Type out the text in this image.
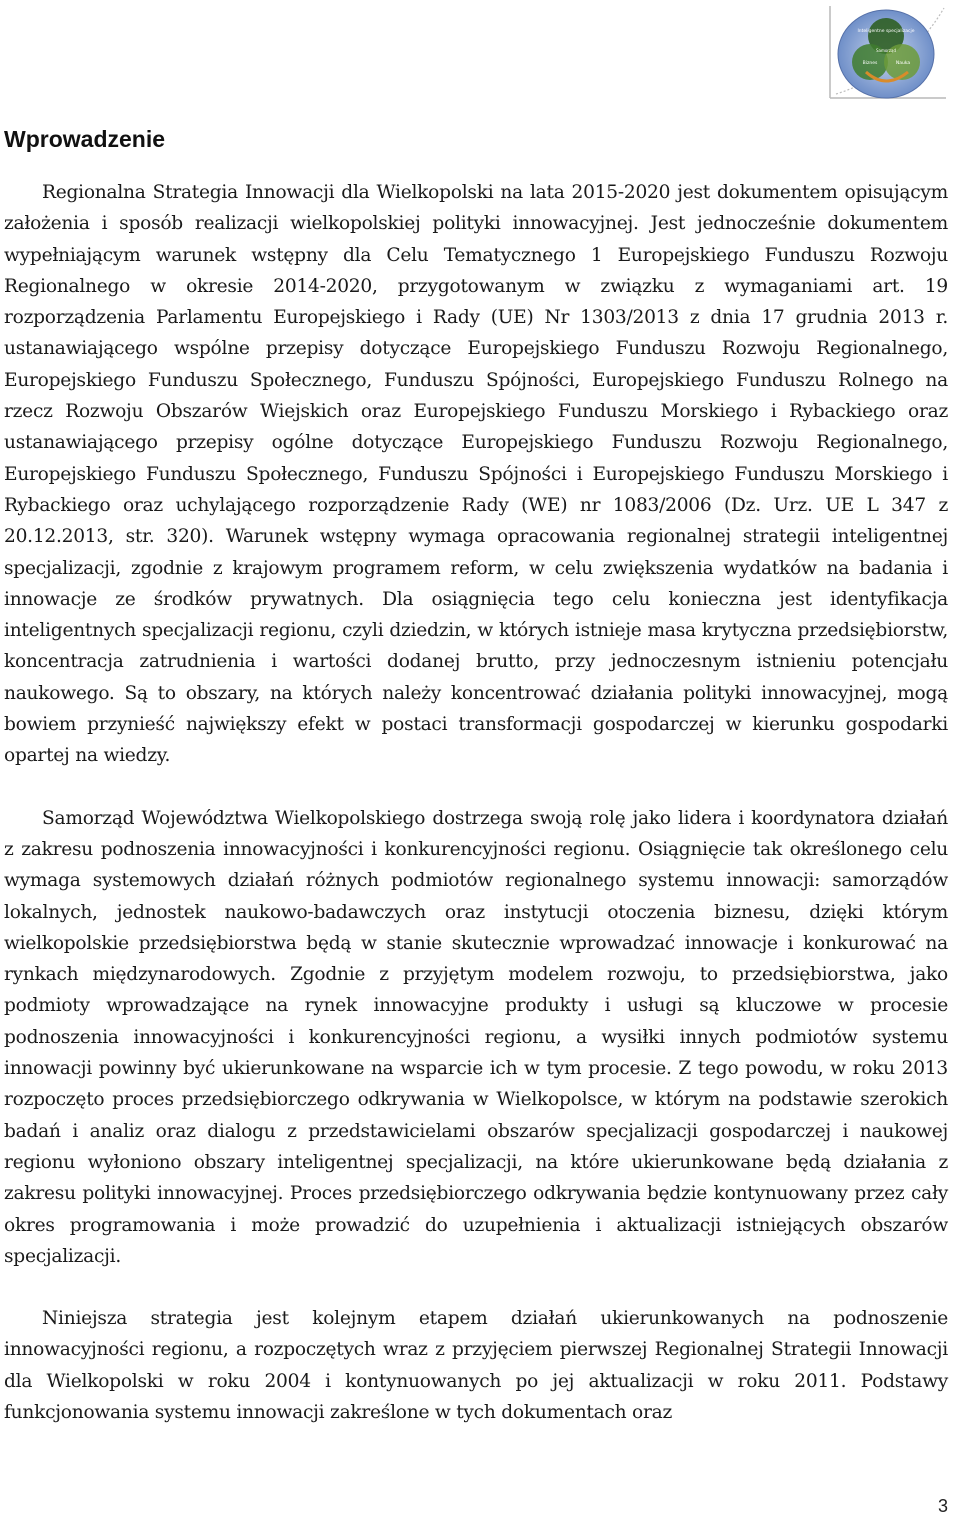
Inteligentne specjalizacje
Biznes	Nauka
Samorząd
Wprowadzenie

Regionalna Strategia Innowacji dla Wielkopolski na lata 2015-2020 jest dokumentem opisującym założenia i sposób realizacji wielkopolskiej polityki innowacyjnej. Jest jednocześnie dokumentem wypełniającym warunek wstępny dla Celu Tematycznego 1 Europejskiego Funduszu Rozwoju Regionalnego w okresie 2014-2020, przygotowanym w związku z wymaganiami art. 19 rozporządzenia Parlamentu Europejskiego i Rady (UE) Nr 1303/2013 z dnia 17 grudnia 2013 r. ustanawiającego wspólne przepisy dotyczące Europejskiego Funduszu Rozwoju Regionalnego, Europejskiego Funduszu Społecznego, Funduszu Spójności, Europejskiego Funduszu Rolnego na rzecz Rozwoju Obszarów Wiejskich oraz Europejskiego Funduszu Morskiego i Rybackiego oraz ustanawiającego przepisy ogólne dotyczące Europejskiego Funduszu Rozwoju Regionalnego, Europejskiego Funduszu Społecznego, Funduszu Spójności i Europejskiego Funduszu Morskiego i Rybackiego oraz uchylającego rozporządzenie Rady (WE) nr 1083/2006 (Dz. Urz. UE L 347 z 20.12.2013, str. 320). Warunek wstępny wymaga opracowania regionalnej strategii inteligentnej specjalizacji, zgodnie z krajowym programem reform, w celu zwiększenia wydatków na badania i innowacje ze środków prywatnych. Dla osiągnięcia tego celu konieczna jest identyfikacja inteligentnych specjalizacji regionu, czyli dziedzin, w których istnieje masa krytyczna przedsiębiorstw, koncentracja zatrudnienia i wartości dodanej brutto, przy jednoczesnym istnieniu potencjału naukowego. Są to obszary, na których należy koncentrować działania polityki innowacyjnej, mogą bowiem przynieść największy efekt w postaci transformacji gospodarczej w kierunku gospodarki opartej na wiedzy.

Samorząd Województwa Wielkopolskiego dostrzega swoją rolę jako lidera i koordynatora działań z zakresu podnoszenia innowacyjności i konkurencyjności regionu. Osiągnięcie tak określonego celu wymaga systemowych działań różnych podmiotów regionalnego systemu innowacji: samorządów lokalnych, jednostek naukowo-badawczych oraz instytucji otoczenia biznesu, dzięki którym wielkopolskie przedsiębiorstwa będą w stanie skutecznie wprowadzać innowacje i konkurować na rynkach międzynarodowych. Zgodnie z przyjętym modelem rozwoju, to przedsiębiorstwa, jako podmioty wprowadzające na rynek innowacyjne produkty i usługi są kluczowe w procesie podnoszenia innowacyjności i konkurencyjności regionu, a wysiłki innych podmiotów systemu innowacji powinny być ukierunkowane na wsparcie ich w tym procesie. Z tego powodu, w roku 2013 rozpoczęto proces przedsiębiorczego odkrywania w Wielkopolsce, w którym na podstawie szerokich badań i analiz oraz dialogu z przedstawicielami obszarów specjalizacji gospodarczej i naukowej regionu wyłoniono obszary inteligentnej specjalizacji, na które ukierunkowane będą działania z zakresu polityki innowacyjnej. Proces przedsiębiorczego odkrywania będzie kontynuowany przez cały okres programowania i może prowadzić do uzupełnienia i aktualizacji istniejących obszarów specjalizacji.

Niniejsza strategia jest kolejnym etapem działań ukierunkowanych na podnoszenie innowacyjności regionu, a rozpoczętych wraz z przyjęciem pierwszej Regionalnej Strategii Innowacji dla Wielkopolski w roku 2004 i kontynuowanych po jej aktualizacji w roku 2011. Podstawy funkcjonowania systemu innowacji zakreślone w tych dokumentach oraz

3
